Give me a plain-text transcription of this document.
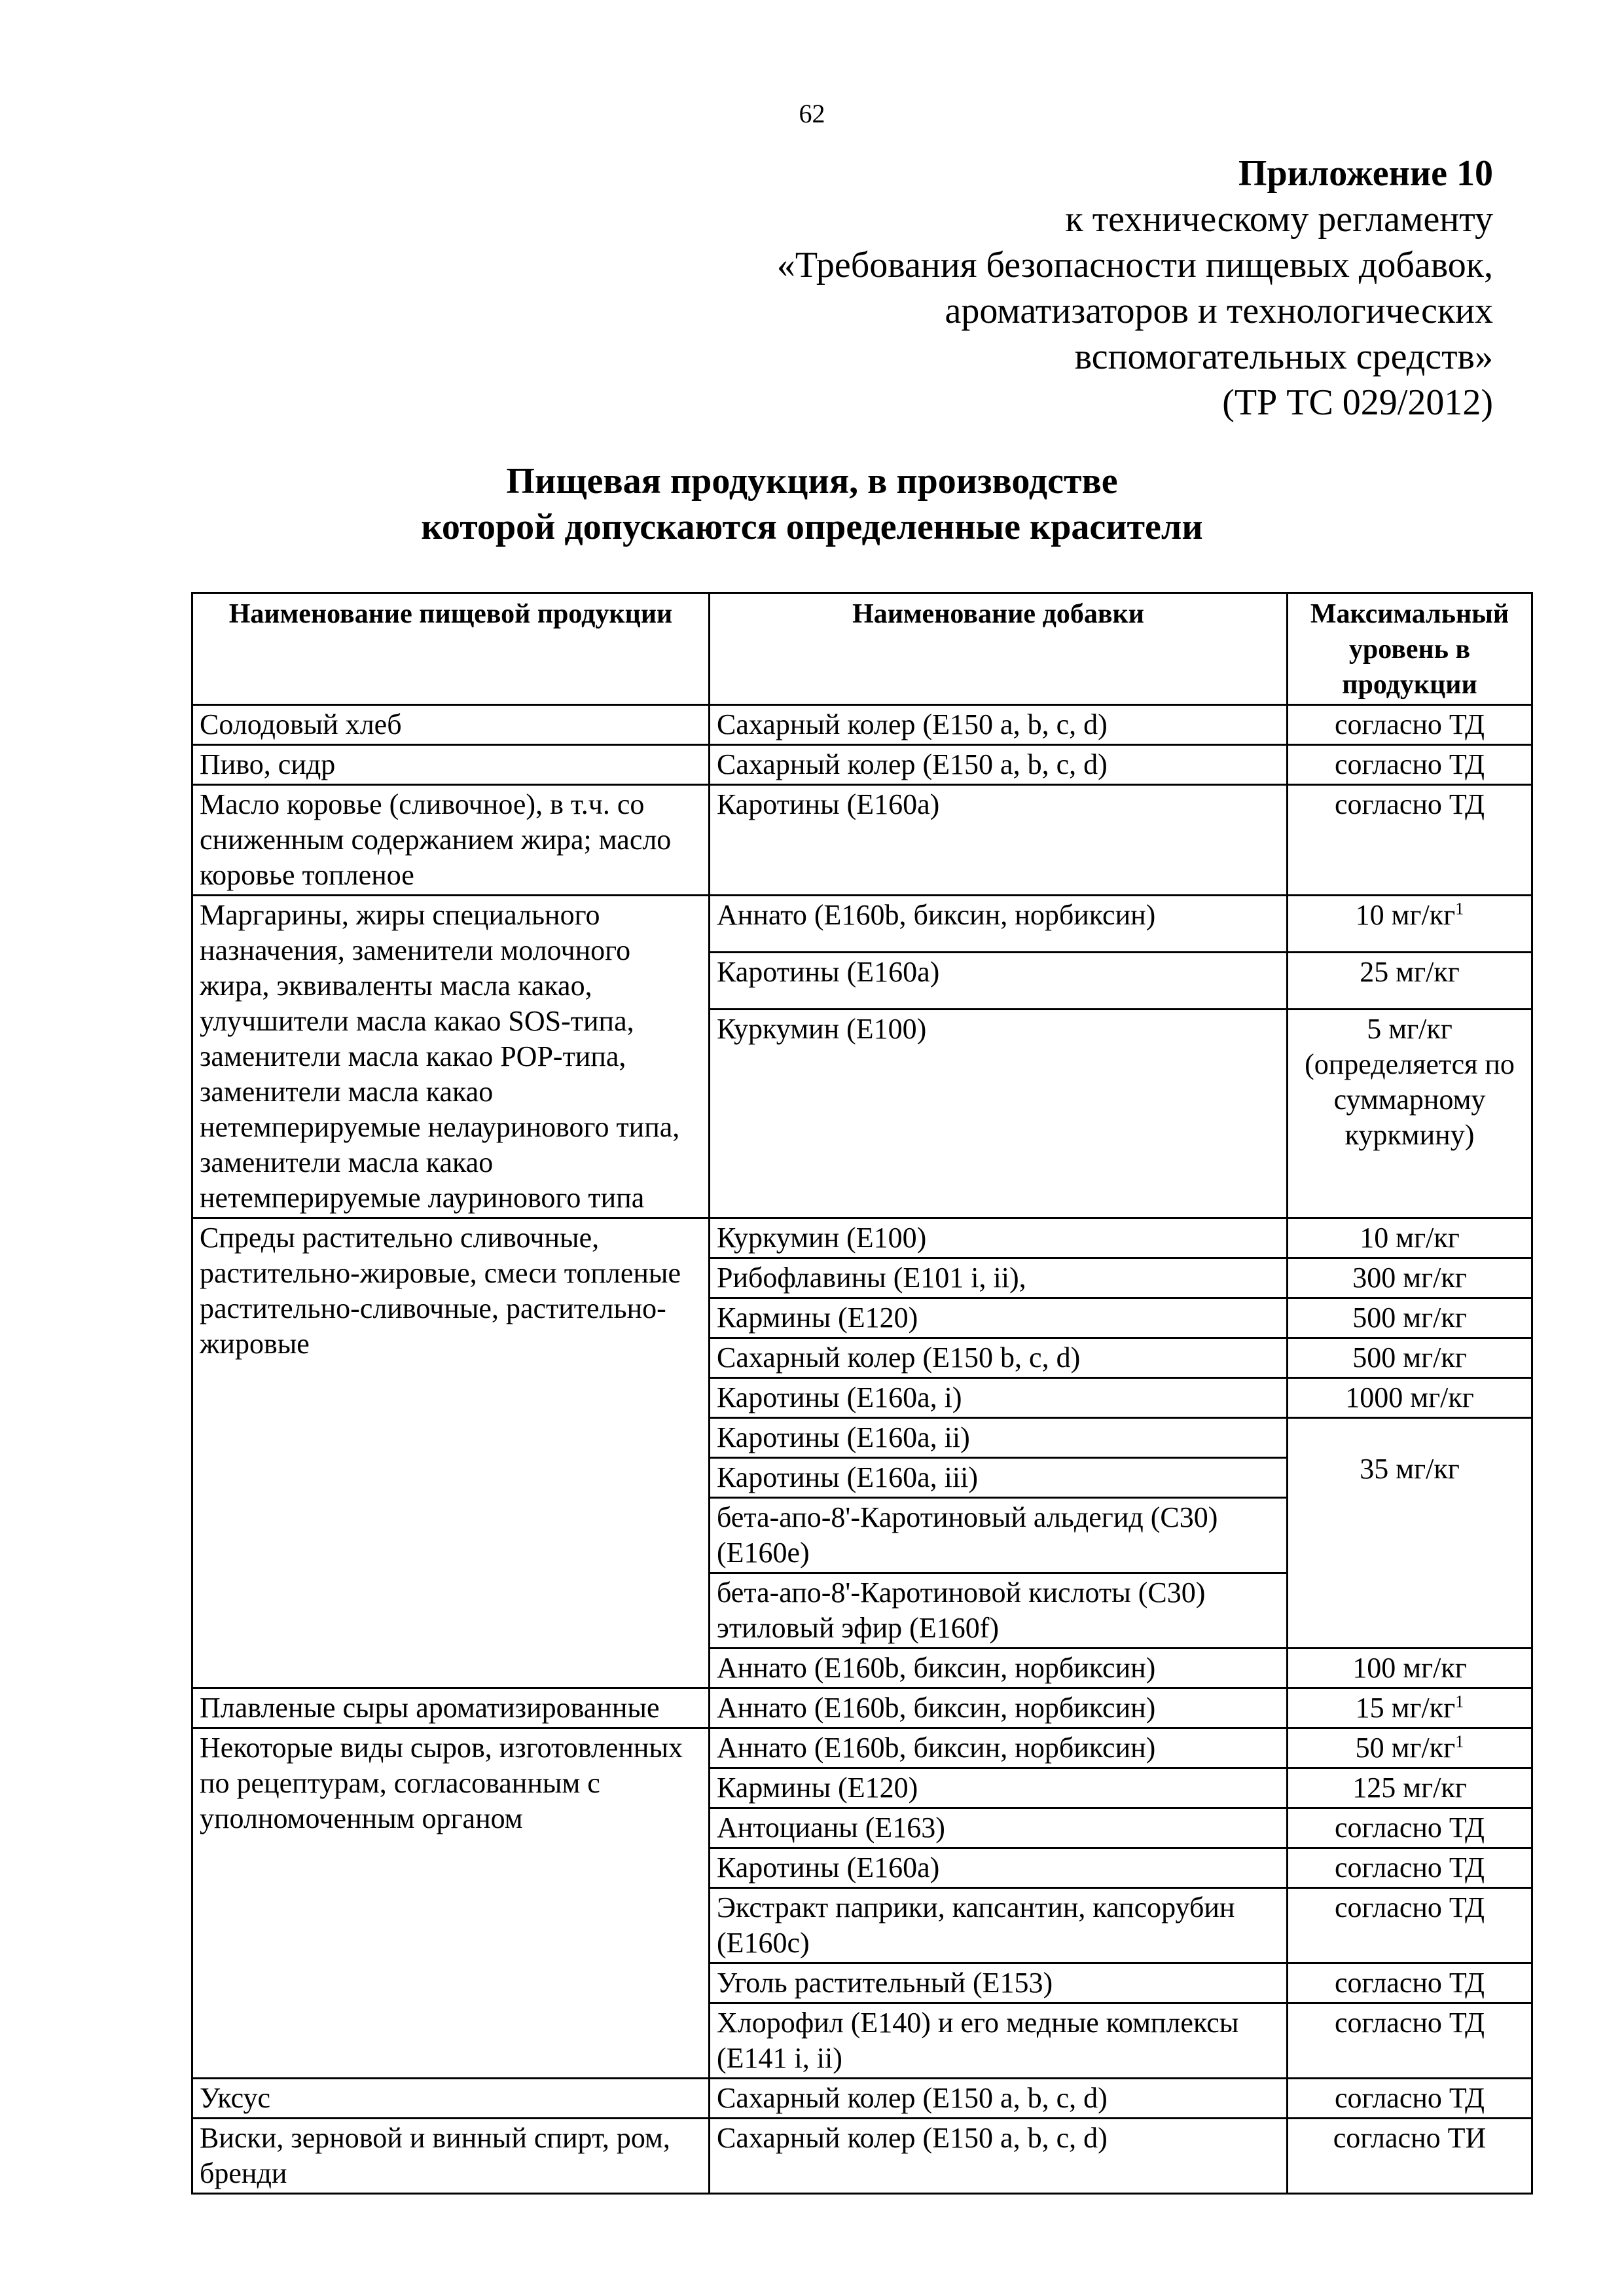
62
Приложение 10
к техническому регламенту
«Требования безопасности пищевых добавок,
ароматизаторов и технологических
вспомогательных средств»
(ТР ТС 029/2012)
Пищевая продукция, в производстве
которой допускаются определенные красители
Наименование пищевой продукции	Наименование добавки	Максимальный уровень в продукции
Солодовый хлеб	Сахарный колер (Е150 a, b, c, d)	согласно ТД
Пиво, сидр	Сахарный колер (Е150 a, b, c, d)	согласно ТД
Масло коровье (сливочное), в т.ч. со сниженным содержанием жира; масло коровье топленое	Каротины (Е160а)	согласно ТД
Маргарины, жиры специального назначения, заменители молочного жира, эквиваленты масла какао, улучшители масла какао SOS-типа, заменители масла какао POP-типа, заменители масла какао нетемперируемые нелауринового типа, заменители масла какао нетемперируемые лауринового типа	Аннато (Е160b, биксин, норбиксин)	10 $мг/кг^1$
	Каротины (Е160а)	25 мг/кг
	Куркумин (Е100)	5 мг/кг (определяется по суммарному куркмину)
Спреды растительно сливочные, растительно-жировые, смеси топленые растительно-сливочные, растительно-жировые	Куркумин (Е100)	10 мг/кг
	Рибофлавины (Е101 i, ii),	300 мг/кг
	Кармины (Е120)	500 мг/кг
	Сахарный колер (Е150 b, c, d)	500 мг/кг
	Каротины (Е160а, i)	1000 мг/кг
	Каротины (Е160а, ii)	35 мг/кг
	Каротины (Е160а, iii)	
	бета-апо-8'-Каротиновый альдегид (С30) (Е160е)	
	бета-апо-8'-Каротиновой кислоты (С30) этиловый эфир (Е160f)	
	Аннато (Е160b, биксин, норбиксин)	100 мг/кг
Плавленые сыры ароматизированные	Аннато (Е160b, биксин, норбиксин)	15 $мг/кг^1$
Некоторые виды сыров, изготовленных по рецептурам, согласованным с уполномоченным органом	Аннато (Е160b, биксин, норбиксин)	50 $мг/кг^1$
	Кармины (Е120)	125 мг/кг
	Антоцианы (Е163)	согласно ТД
	Каротины (Е160а)	согласно ТД
	Экстракт паприки, капсантин, капсорубин (Е160с)	согласно ТД
	Уголь растительный (Е153)	согласно ТД
	Хлорофил (Е140) и его медные комплексы (Е141 i, ii)	согласно ТД
Уксус	Сахарный колер (Е150 a, b, c, d)	согласно ТД
Виски, зерновой и винный спирт, ром, бренди	Сахарный колер (Е150 a, b, c, d)	согласно ТИ
